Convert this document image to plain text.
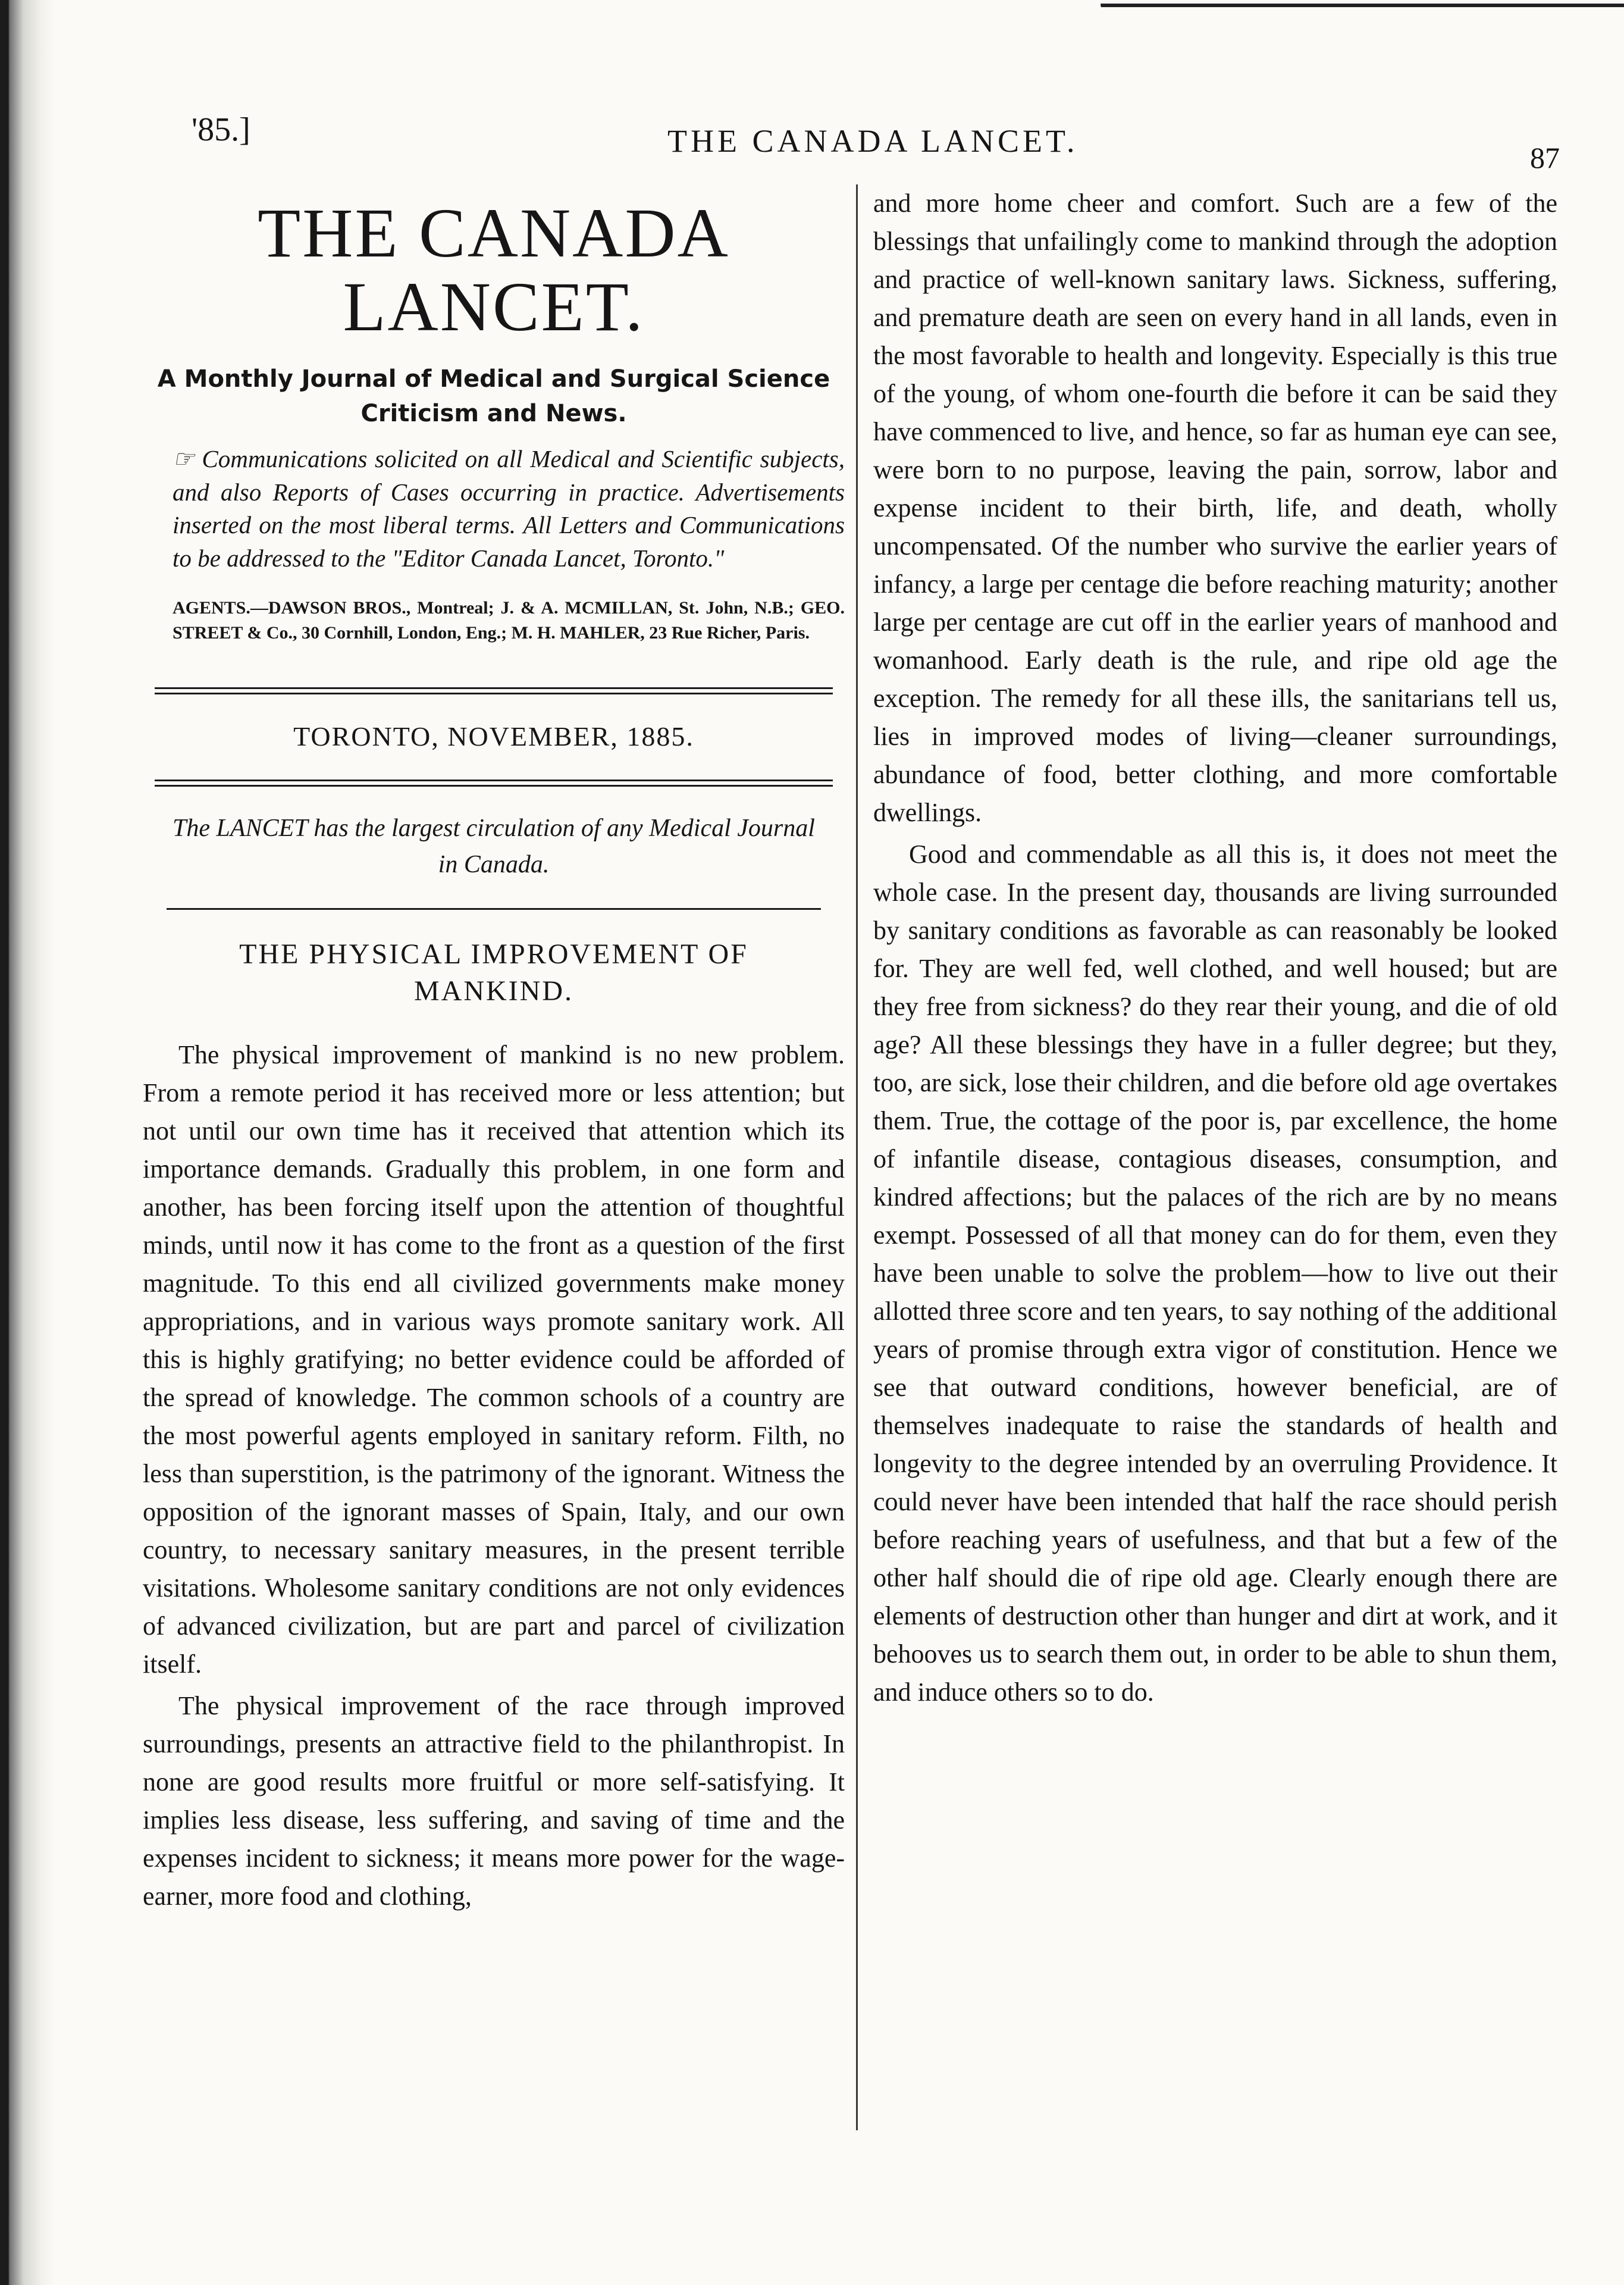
'85.]	THE CANADA LANCET.	87
THE CANADA LANCET.
A Monthly Journal of Medical and Surgical Science
Criticism and News.
☞ Communications solicited on all Medical and Scientific subjects, and also Reports of Cases occurring in practice. Advertisements inserted on the most liberal terms. All Letters and Communications to be addressed to the "Editor Canada Lancet, Toronto."
AGENTS.—DAWSON BROS., Montreal; J. & A. MCMILLAN, St. John, N.B.; GEO. STREET & Co., 30 Cornhill, London, Eng.; M. H. MAHLER, 23 Rue Richer, Paris.
TORONTO, NOVEMBER, 1885.
The LANCET has the largest circulation of any Medical Journal in Canada.
THE PHYSICAL IMPROVEMENT OF
MANKIND.

The physical improvement of mankind is no new problem. From a remote period it has received more or less attention; but not until our own time has it received that attention which its importance demands. Gradually this problem, in one form and another, has been forcing itself upon the attention of thoughtful minds, until now it has come to the front as a question of the first magnitude. To this end all civilized governments make money appropriations, and in various ways promote sanitary work. All this is highly gratifying; no better evidence could be afforded of the spread of knowledge. The common schools of a country are the most powerful agents employed in sanitary reform. Filth, no less than superstition, is the patrimony of the ignorant. Witness the opposition of the ignorant masses of Spain, Italy, and our own country, to necessary sanitary measures, in the present terrible visitations. Wholesome sanitary conditions are not only evidences of advanced civilization, but are part and parcel of civilization itself.

The physical improvement of the race through improved surroundings, presents an attractive field to the philanthropist. In none are good results more fruitful or more self-satisfying. It implies less disease, less suffering, and saving of time and the expenses incident to sickness; it means more power for the wage-earner, more food and clothing,

and more home cheer and comfort. Such are a few of the blessings that unfailingly come to mankind through the adoption and practice of well-known sanitary laws. Sickness, suffering, and premature death are seen on every hand in all lands, even in the most favorable to health and longevity. Especially is this true of the young, of whom one-fourth die before it can be said they have commenced to live, and hence, so far as human eye can see, were born to no purpose, leaving the pain, sorrow, labor and expense incident to their birth, life, and death, wholly uncompensated. Of the number who survive the earlier years of infancy, a large per centage die before reaching maturity; another large per centage are cut off in the earlier years of manhood and womanhood. Early death is the rule, and ripe old age the exception. The remedy for all these ills, the sanitarians tell us, lies in improved modes of living—cleaner surroundings, abundance of food, better clothing, and more comfortable dwellings.

Good and commendable as all this is, it does not meet the whole case. In the present day, thousands are living surrounded by sanitary conditions as favorable as can reasonably be looked for. They are well fed, well clothed, and well housed; but are they free from sickness? do they rear their young, and die of old age? All these blessings they have in a fuller degree; but they, too, are sick, lose their children, and die before old age overtakes them. True, the cottage of the poor is, par excellence, the home of infantile disease, contagious diseases, consumption, and kindred affections; but the palaces of the rich are by no means exempt. Possessed of all that money can do for them, even they have been unable to solve the problem—how to live out their allotted three score and ten years, to say nothing of the additional years of promise through extra vigor of constitution. Hence we see that outward conditions, however beneficial, are of themselves inadequate to raise the standards of health and longevity to the degree intended by an overruling Providence. It could never have been intended that half the race should perish before reaching years of usefulness, and that but a few of the other half should die of ripe old age. Clearly enough there are elements of destruction other than hunger and dirt at work, and it behooves us to search them out, in order to be able to shun them, and induce others so to do.
